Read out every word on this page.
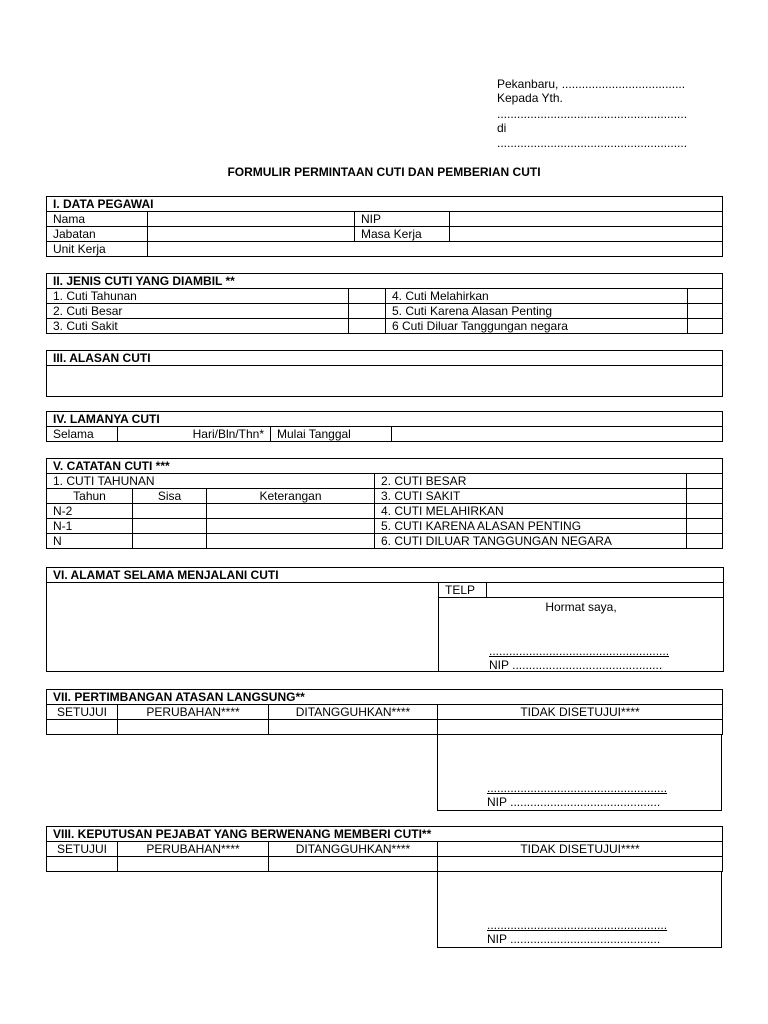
Pekanbaru, .....................................
Kepada Yth.
.........................................................
di
.........................................................
FORMULIR PERMINTAAN CUTI DAN PEMBERIAN CUTI
I. DATA PEGAWAI			
Nama		NIP	
Jabatan		Masa Kerja	
Unit Kerja			
II. JENIS CUTI YANG DIAMBIL **			
1. Cuti Tahunan		4. Cuti Melahirkan	
2. Cuti Besar		5. Cuti Karena Alasan Penting	
3. Cuti Sakit		6 Cuti Diluar Tanggungan negara	
III. ALASAN CUTI

IV. LAMANYA CUTI
Selama	Hari/Bln/Thn*	Mulai Tanggal	
V. CATATAN CUTI ***				
1. CUTI TAHUNAN			2. CUTI BESAR	
Tahun	Sisa	Keterangan	3. CUTI SAKIT	
N-2			4. CUTI MELAHIRKAN	
N-1			5. CUTI KARENA ALASAN PENTING	
N			6. CUTI DILUAR TANGGUNGAN NEGARA	
VI. ALAMAT SELAMA MENJALANI CUTI
	TELP	

Hormat saya,
......................................................
NIP .............................................
VII. PERTIMBANGAN ATASAN LANGSUNG**			
SETUJUI	PERUBAHAN****	DITANGGUHKAN****	TIDAK DISETUJUI****

......................................................
NIP .............................................
VIII. KEPUTUSAN PEJABAT YANG BERWENANG MEMBERI CUTI**			
SETUJUI	PERUBAHAN****	DITANGGUHKAN****	TIDAK DISETUJUI****

......................................................
NIP .............................................
